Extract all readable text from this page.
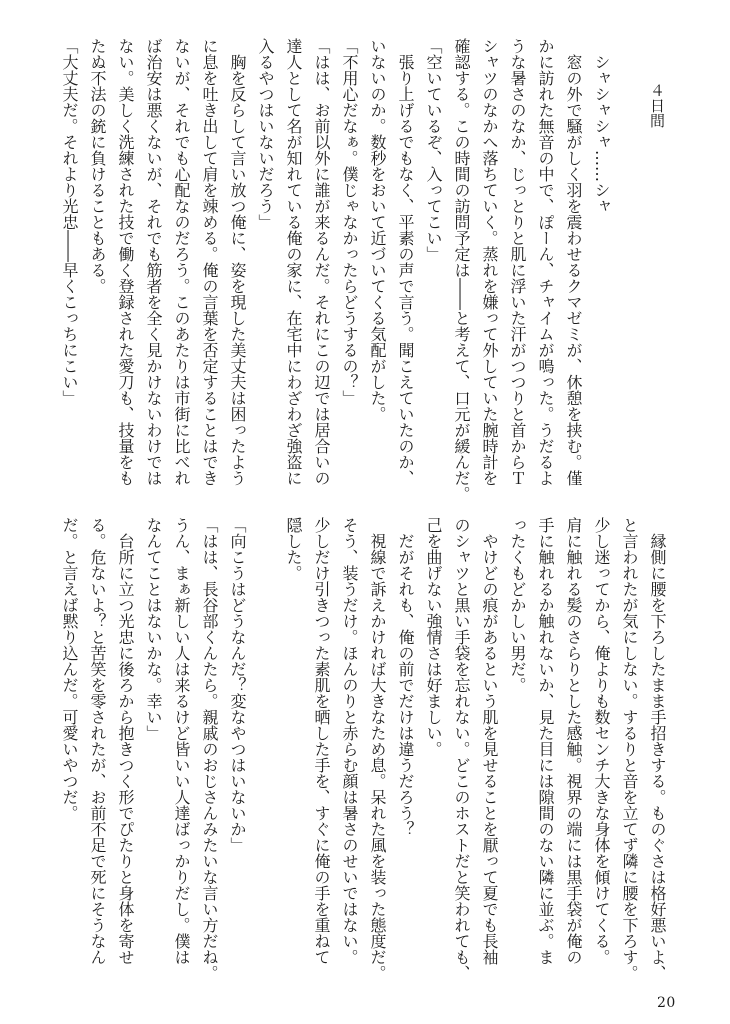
４日間
　シャシャシャ……シャ
　窓の外で騒がしく羽を震わせるクマゼミが、休憩を挟む。僅
かに訪れた無音の中で、ぽーん、チャイムが鳴った。うだるよ
うな暑さのなか、じっとりと肌に浮いた汗がつつりと首からＴ
シャツのなかへ落ちていく。蒸れを嫌って外していた腕時計を
確認する。この時間の訪問予定は――と考えて、口元が緩んだ。
「空いているぞ、入ってこい」
　張り上げるでもなく、平素の声で言う。聞こえていたのか、
いないのか。数秒をおいて近づいてくる気配がした。
「不用心だなぁ。僕じゃなかったらどうするの？」
「はは、お前以外に誰が来るんだ。それにこの辺では居合いの
達人として名が知れている俺の家に、在宅中にわざわざ強盗に
入るやつはいないだろう」
　胸を反らして言い放つ俺に、姿を現した美丈夫は困ったよう
に息を吐き出して肩を竦める。俺の言葉を否定することはでき
ないが、それでも心配なのだろう。このあたりは市街に比べれ
ば治安は悪くないが、それでも筋者を全く見かけないわけでは
ない。美しく洗練された技で働く登録された愛刀も、技量をも
たぬ不法の銃に負けることもある。
「大丈夫だ。それより光忠――早くこっちにこい」
　縁側に腰を下ろしたまま手招きする。ものぐさは格好悪いよ、
と言われたが気にしない。するりと音を立てず隣に腰を下ろす。
少し迷ってから、俺よりも数センチ大きな身体を傾けてくる。
肩に触れる髪のさらりとした感触。視界の端には黒手袋が俺の
手に触れるか触れないか、見た目には隙間のない隣に並ぶ。ま
ったくもどかしい男だ。
　やけどの痕があるという肌を見せることを厭って夏でも長袖
のシャツと黒い手袋を忘れない。どこのホストだと笑われても、
己を曲げない強情さは好ましい。
　だがそれも、俺の前でだけは違うだろう？
　視線で訴えかければ大きなため息。呆れた風を装った態度だ。
そう、装うだけ。ほんのりと赤らむ顔は暑さのせいではない。
少しだけ引きつった素肌を晒した手を、すぐに俺の手を重ねて
隠した。
「向こうはどうなんだ？変なやつはいないか」
「はは、長谷部くんたら。親戚のおじさんみたいな言い方だね。
うん、まぁ新しい人は来るけど皆いい人達ばっかりだし。僕は
なんてことはないかな。幸い」
　台所に立つ光忠に後ろから抱きつく形でぴたりと身体を寄せ
る。危ないよ？と苦笑を零されたが、お前不足で死にそうなん
だ。と言えば黙り込んだ。可愛いやつだ。
20
